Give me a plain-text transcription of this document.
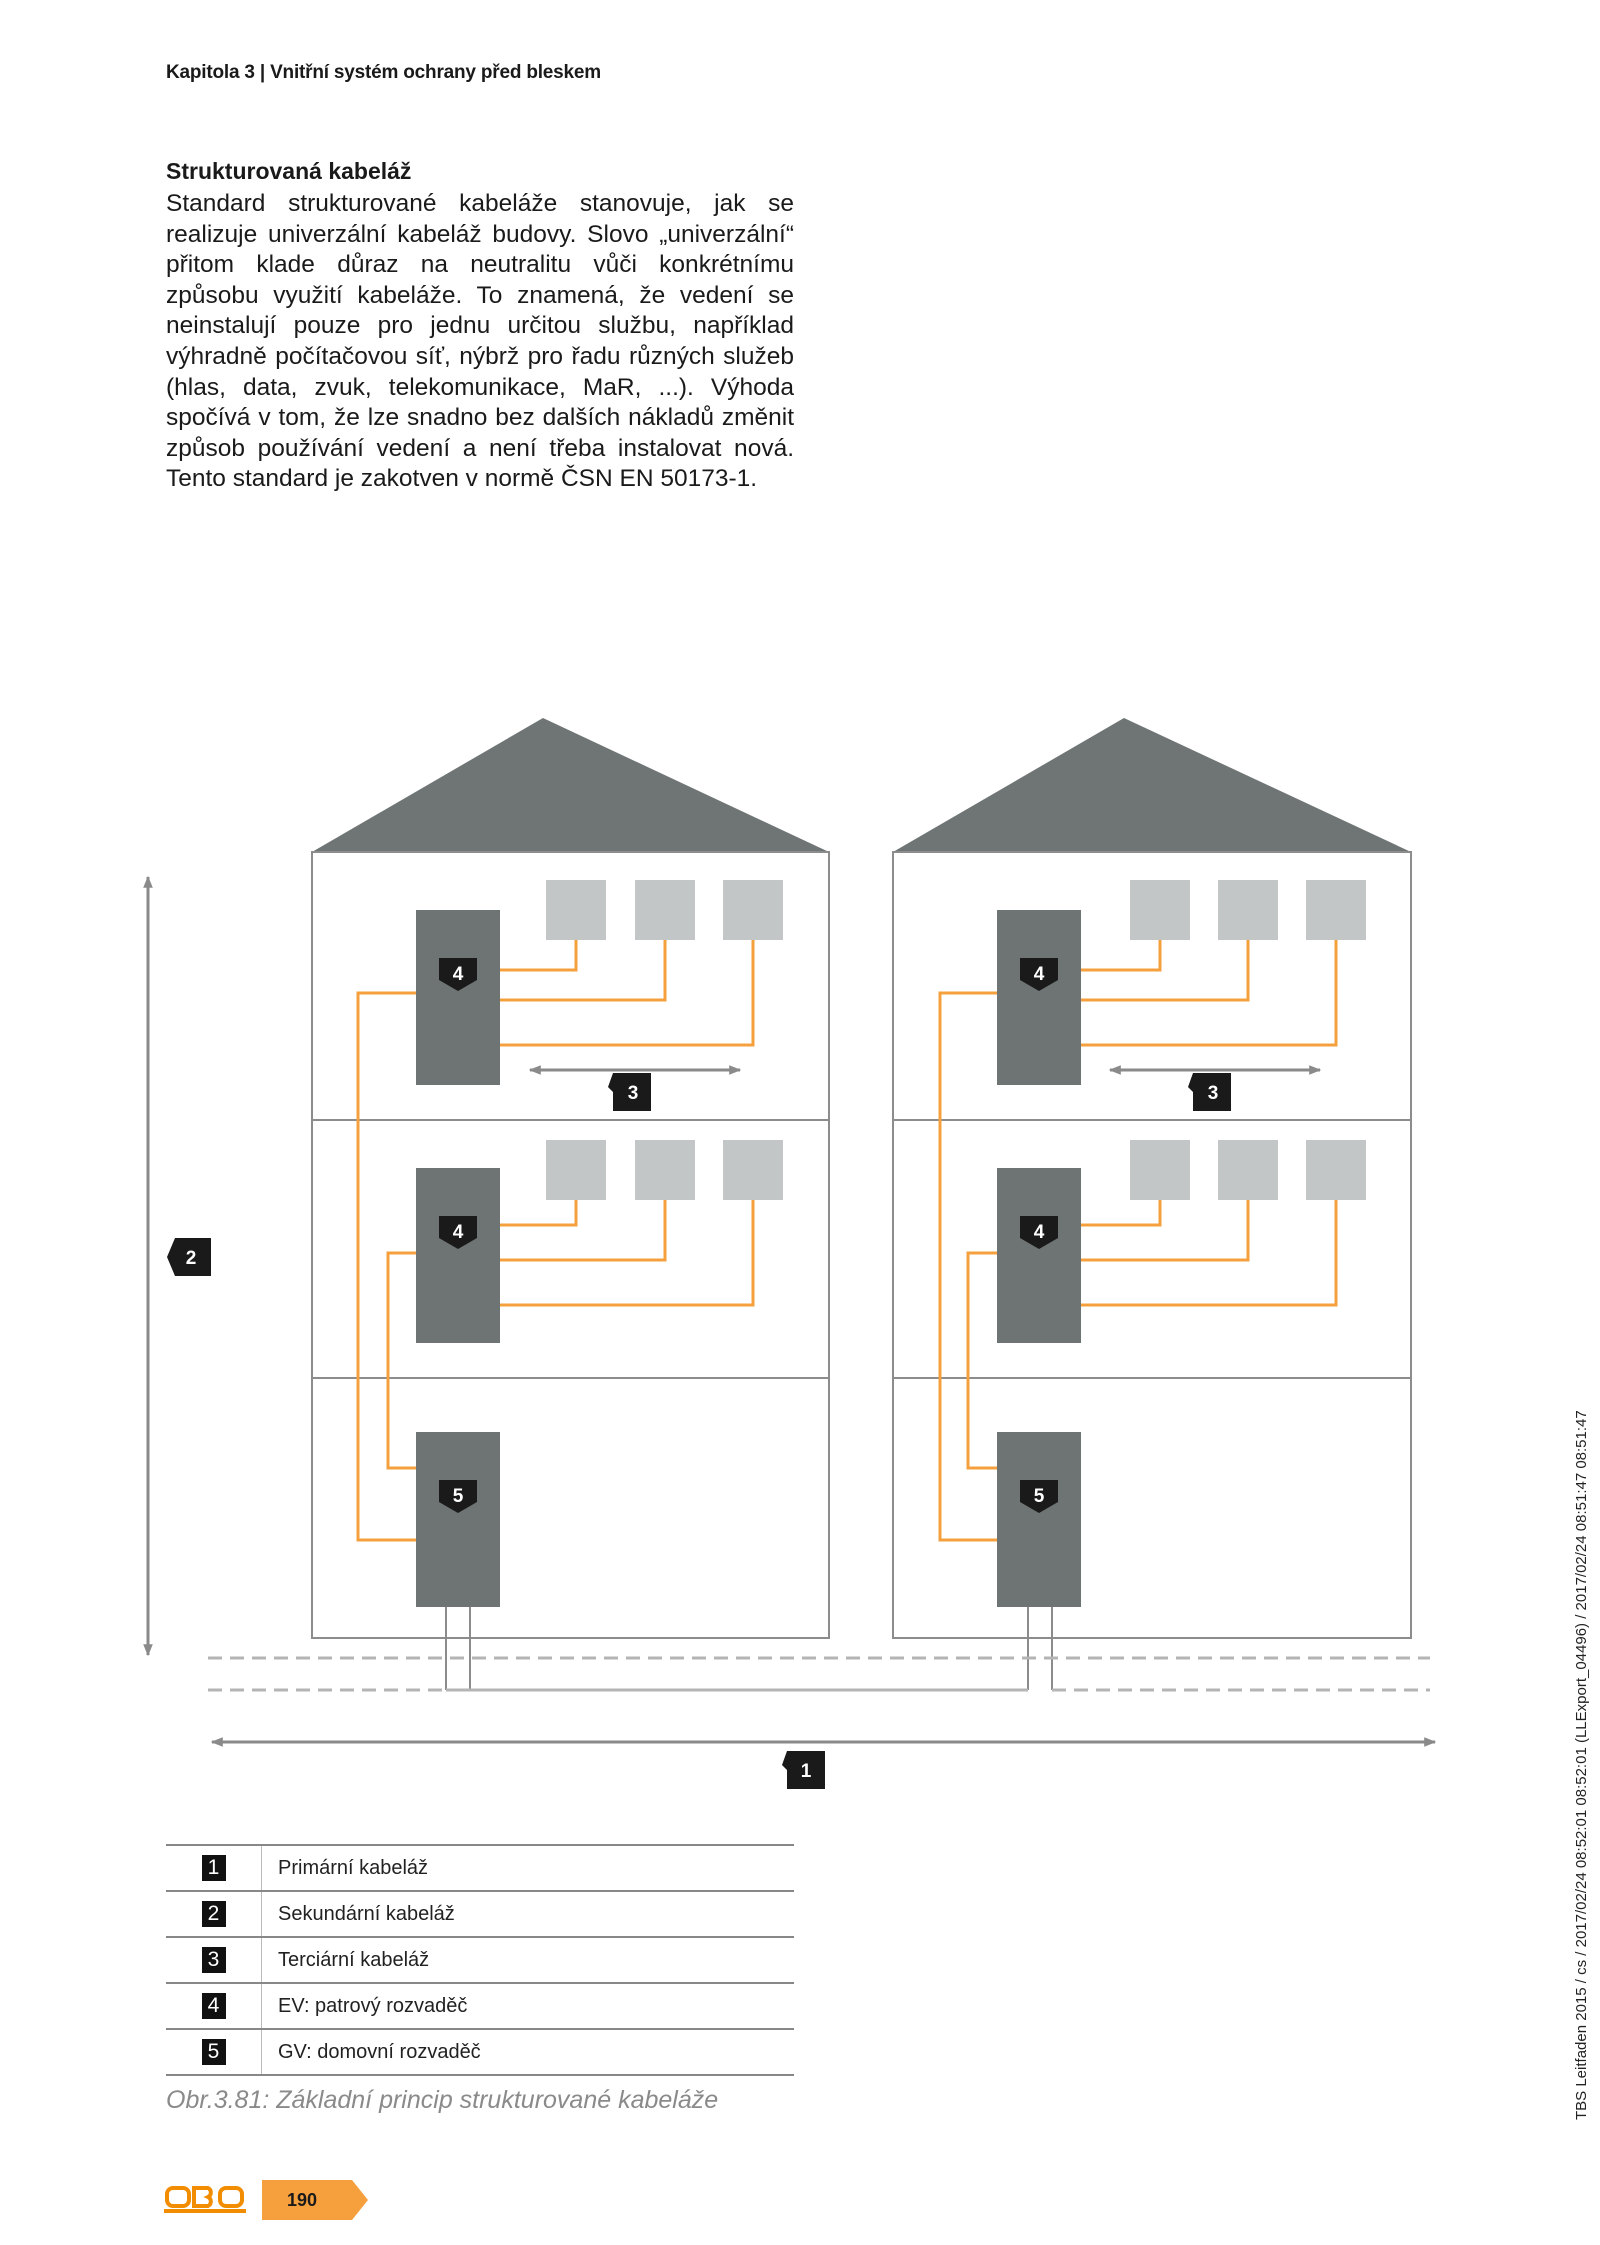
Kapitola 3 | Vnitřní systém ochrany před bleskem
Strukturovaná kabeláž

Standard strukturované kabeláže stanovuje, jak se realizuje univerzální kabeláž budovy. Slovo „univerzální“ přitom klade důraz na neutralitu vůči konkrétnímu způsobu využití kabeláže. To znamená, že vedení se neinstalují pouze pro jednu určitou službu, například výhradně počítačovou síť, nýbrž pro řadu různých služeb (hlas, data, zvuk, telekomunikace, MaR, ...). Výhoda spočívá v tom, že lze snadno bez dalších nákladů změnit způsob používání vedení a není třeba instalovat nová. Tento standard je zakotven v normě ČSN EN 50173-1.

4
4
5
4
4
5
3	3
2
1
1	Primární kabeláž
2	Sekundární kabeláž
3	Terciární kabeláž
4	EV: patrový rozvaděč
5	GV: domovní rozvaděč
Obr.3.81: Základní princip strukturované kabeláže	TBS Leitfaden 2015 / cs / 2017/02/24 08:52:01 08:52:01 (LLExport_04496) / 2017/02/24 08:51:47 08:51:47
190
